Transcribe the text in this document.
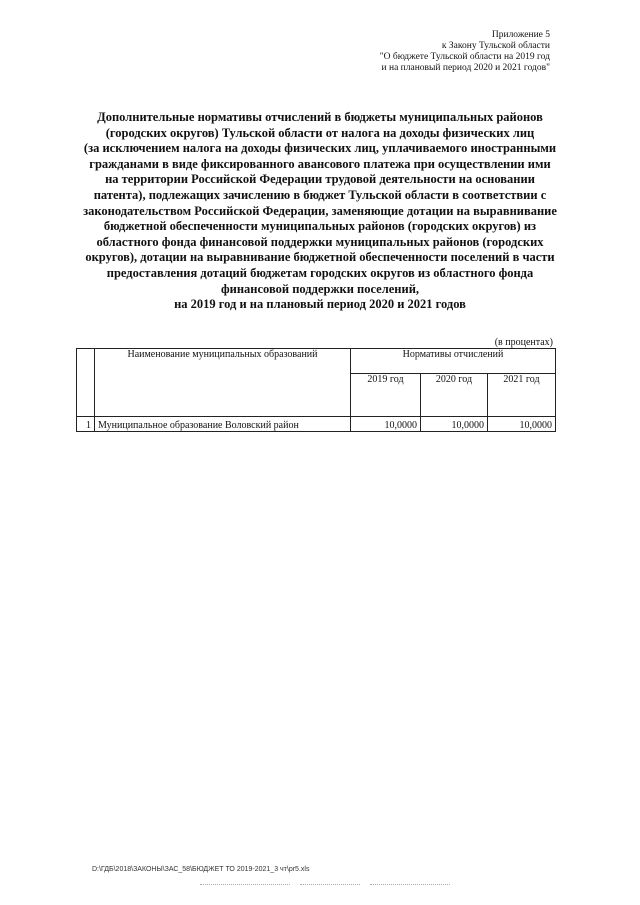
Приложение 5
к Закону Тульской области
"О бюджете Тульской области на 2019 год
и на плановый период 2020 и 2021 годов"
Дополнительные нормативы отчислений в бюджеты муниципальных районов
(городских округов) Тульской области от налога на доходы физических лиц
(за исключением налога на доходы физических лиц, уплачиваемого иностранными
гражданами в виде фиксированного авансового платежа при осуществлении ими
на территории Российской Федерации трудовой деятельности на основании
патента), подлежащих зачислению в бюджет Тульской области в соответствии с
законодательством Российской Федерации, заменяющие дотации на выравнивание
бюджетной обеспеченности муниципальных районов (городских округов) из
областного фонда финансовой поддержки муниципальных районов (городских
округов), дотации на выравнивание бюджетной обеспеченности поселений в части
предоставления дотаций бюджетам городских округов из областного фонда
финансовой поддержки поселений,
на 2019 год и на плановый период 2020 и 2021 годов
(в процентах)
	Наименование муниципальных образований	Нормативы отчислений		
		2019 год	2020 год	2021 год
1	Муниципальное образование Воловский район	10,0000	10,0000	10,0000
D:\ГДБ\2018\ЗАКОНЫ\ЗАС_58\БЮДЖЕТ ТО 2019-2021_3 чт\pr5.xls
